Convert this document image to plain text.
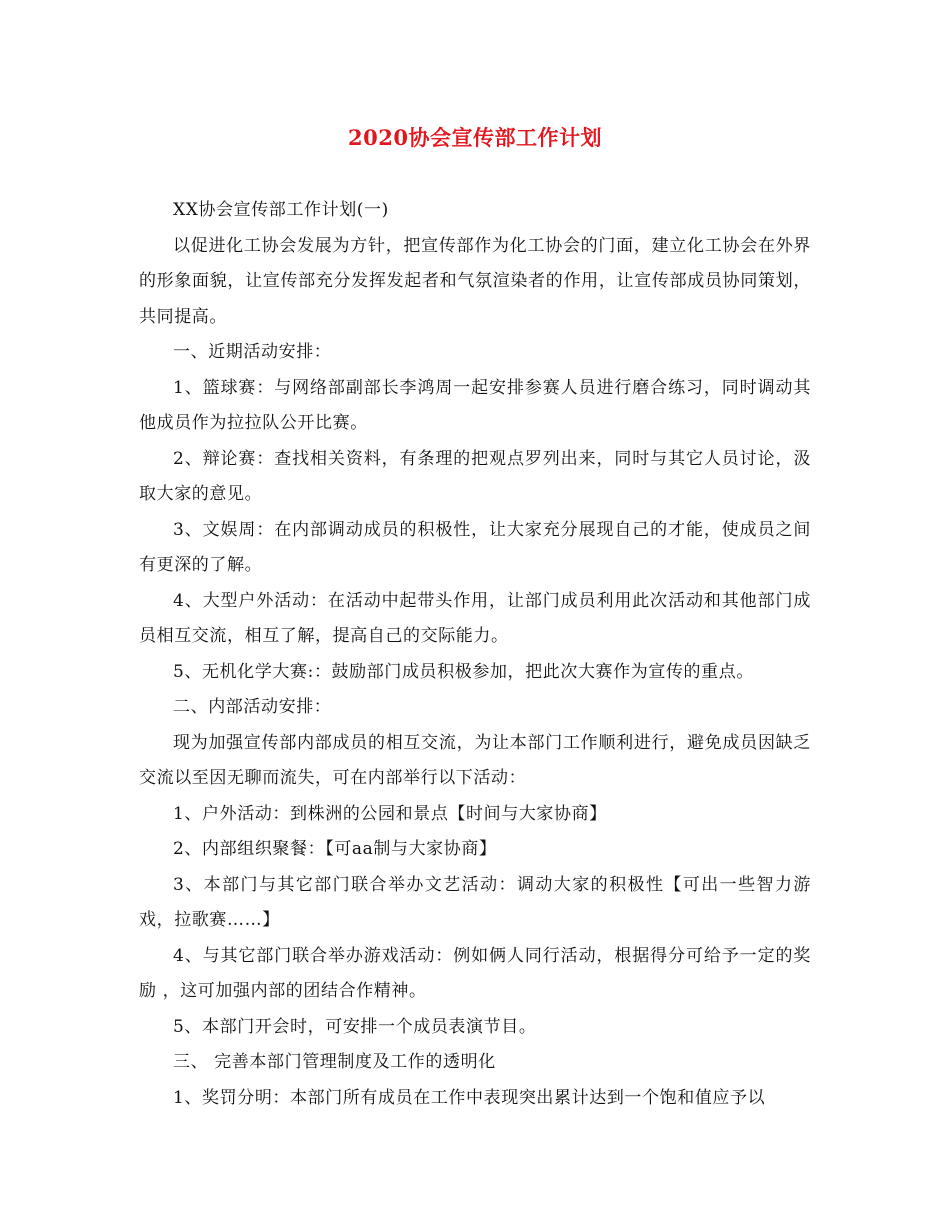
2020协会宣传部工作计划

XX协会宣传部工作计划(一)

以促进化工协会发展为方针，把宣传部作为化工协会的门面，建立化工协会在外界的形象面貌，让宣传部充分发挥发起者和气氛渲染者的作用，让宣传部成员协同策划，共同提高。

一、近期活动安排：

1、篮球赛：与网络部副部长李鸿周一起安排参赛人员进行磨合练习，同时调动其他成员作为拉拉队公开比赛。

2、辩论赛：查找相关资料，有条理的把观点罗列出来，同时与其它人员讨论，汲取大家的意见。

3、文娱周：在内部调动成员的积极性，让大家充分展现自己的才能，使成员之间有更深的了解。

4、大型户外活动：在活动中起带头作用，让部门成员利用此次活动和其他部门成员相互交流，相互了解，提高自己的交际能力。

5、无机化学大赛:：鼓励部门成员积极参加，把此次大赛作为宣传的重点。

二、内部活动安排：

现为加强宣传部内部成员的相互交流，为让本部门工作顺利进行，避免成员因缺乏交流以至因无聊而流失，可在内部举行以下活动：

1、户外活动：到株洲的公园和景点【时间与大家协商】

2、内部组织聚餐：【可aa制与大家协商】

3、本部门与其它部门联合举办文艺活动：调动大家的积极性【可出一些智力游戏，拉歌赛……】

4、与其它部门联合举办游戏活动：例如俩人同行活动，根据得分可给予一定的奖励 ，这可加强内部的团结合作精神。

5、本部门开会时，可安排一个成员表演节目。

三、 完善本部门管理制度及工作的透明化

1、奖罚分明：本部门所有成员在工作中表现突出累计达到一个饱和值应予以
